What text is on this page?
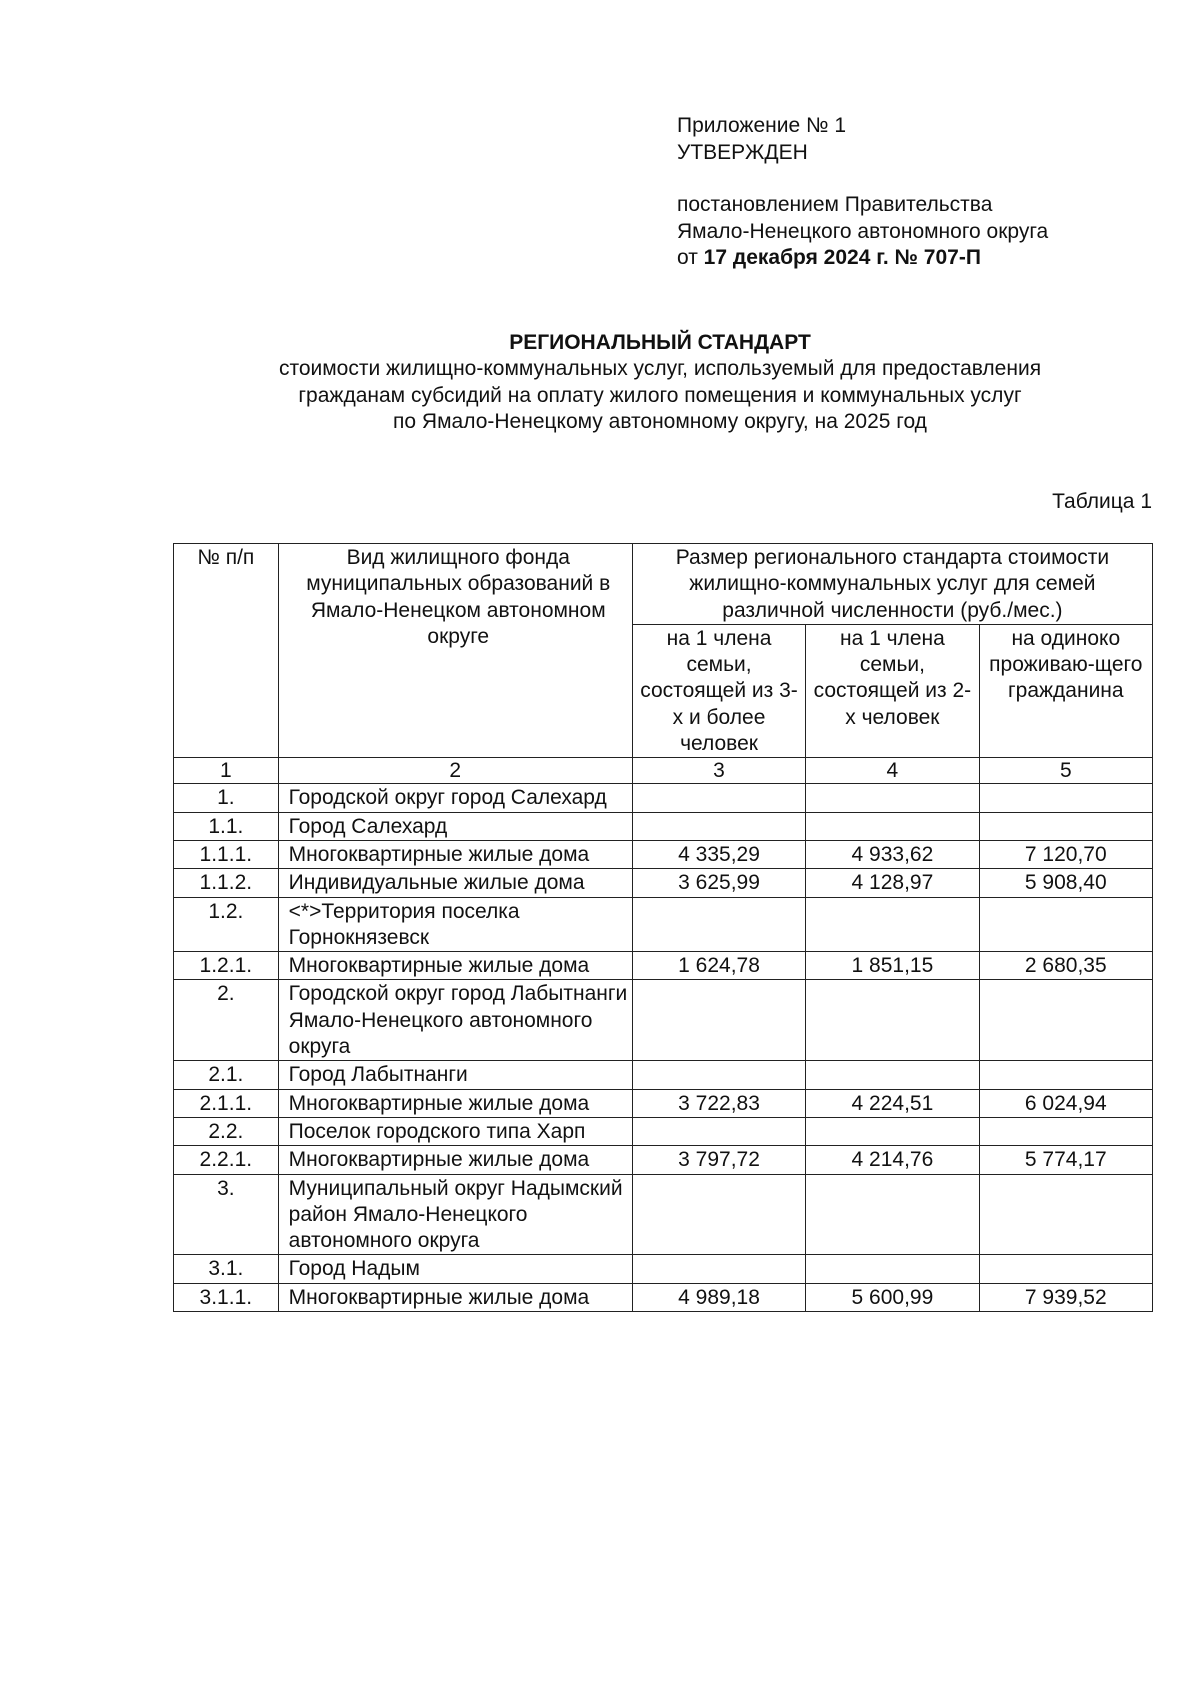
Приложение № 1
УТВЕРЖДЕН
постановлением Правительства
Ямало-Ненецкого автономного округа
от 17 декабря 2024 г. № 707-П
РЕГИОНАЛЬНЫЙ СТАНДАРТ
стоимости жилищно-коммунальных услуг, используемый для предоставления
гражданам субсидий на оплату жилого помещения и коммунальных услуг
по Ямало-Ненецкому автономному округу, на 2025 год
Таблица 1
№ п/п	Вид жилищного фонда муниципальных образований в Ямало-Ненецком автономном округе	Размер регионального стандарта стоимости жилищно-коммунальных услуг для семей различной численности (руб./мес.)		
		на 1 члена семьи, состоящей из 3-х и более человек	на 1 члена семьи, состоящей из 2-х человек	на одиноко проживаю-щего гражданина
1	2	3	4	5
1.	Городской округ город Салехард			
1.1.	Город Салехард			
1.1.1.	Многоквартирные жилые дома	4 335,29	4 933,62	7 120,70
1.1.2.	Индивидуальные жилые дома	3 625,99	4 128,97	5 908,40
1.2.	<*>Территория поселка Горнокнязевск			
1.2.1.	Многоквартирные жилые дома	1 624,78	1 851,15	2 680,35
2.	Городской округ город Лабытнанги Ямало-Ненецкого автономного округа			
2.1.	Город Лабытнанги			
2.1.1.	Многоквартирные жилые дома	3 722,83	4 224,51	6 024,94
2.2.	Поселок городского типа Харп			
2.2.1.	Многоквартирные жилые дома	3 797,72	4 214,76	5 774,17
3.	Муниципальный округ Надымский район Ямало-Ненецкого автономного округа			
3.1.	Город Надым			
3.1.1.	Многоквартирные жилые дома	4 989,18	5 600,99	7 939,52
